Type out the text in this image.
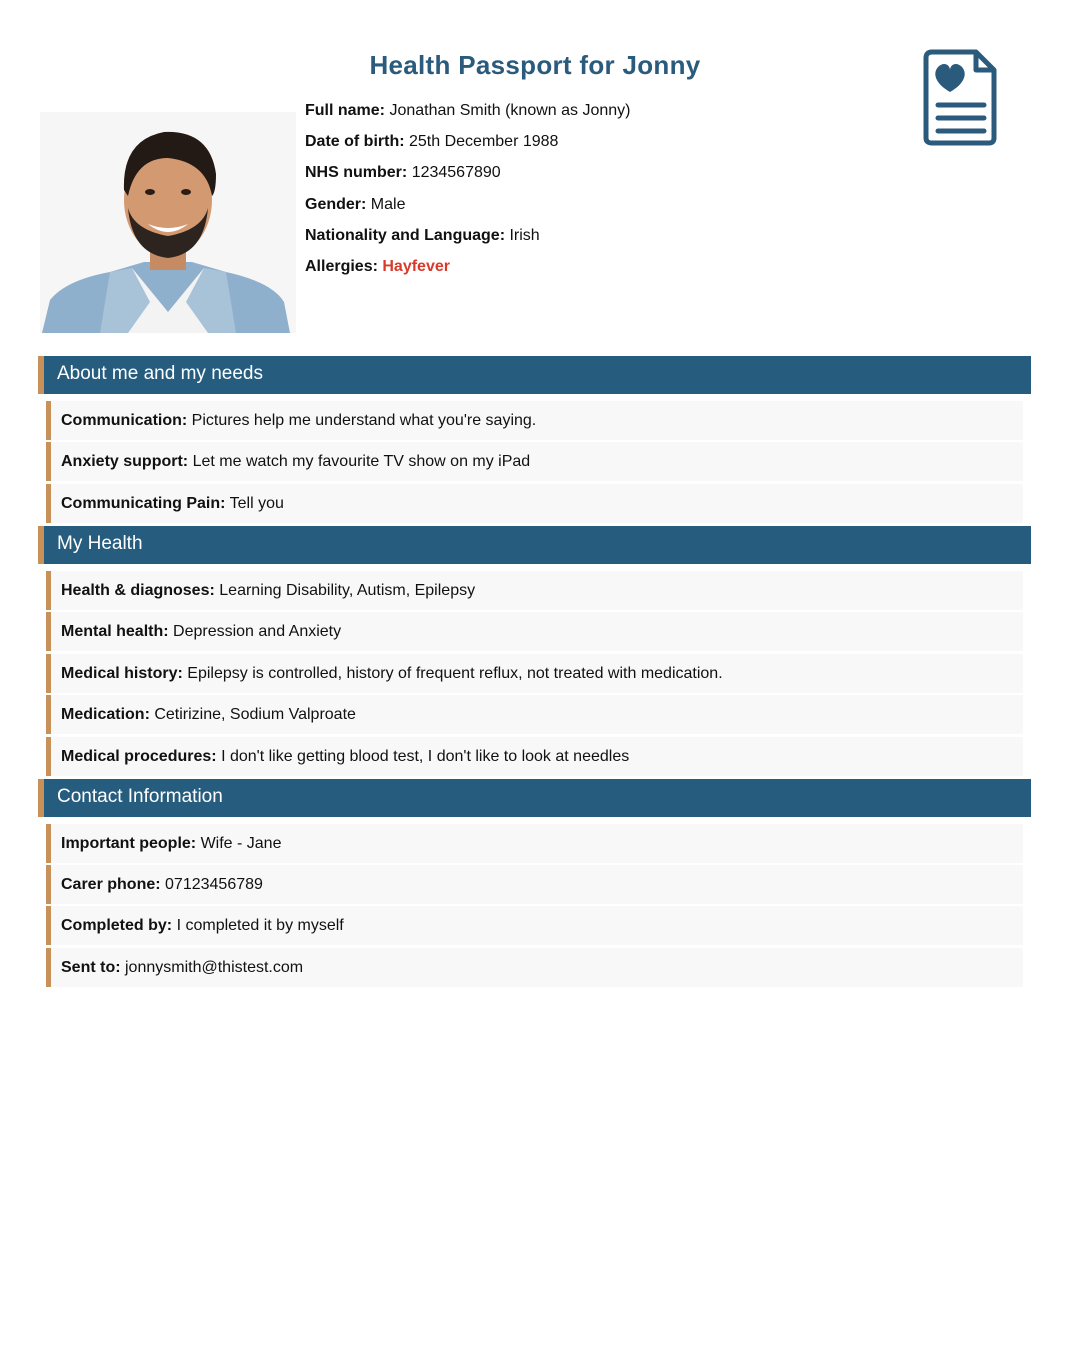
Health Passport for Jonny
Full name: Jonathan Smith (known as Jonny)
Date of birth: 25th December 1988
NHS number: 1234567890
Gender: Male
Nationality and Language: Irish
Allergies: Hayfever
About me and my needs
Communication: Pictures help me understand what you're saying.
Anxiety support: Let me watch my favourite TV show on my iPad
Communicating Pain: Tell you
My Health
Health & diagnoses: Learning Disability, Autism, Epilepsy
Mental health: Depression and Anxiety
Medical history: Epilepsy is controlled, history of frequent reflux, not treated with medication.
Medication: Cetirizine, Sodium Valproate
Medical procedures: I don't like getting blood test, I don't like to look at needles
Contact Information
Important people: Wife - Jane
Carer phone: 07123456789
Completed by: I completed it by myself
Sent to: jonnysmith@thistest.com
